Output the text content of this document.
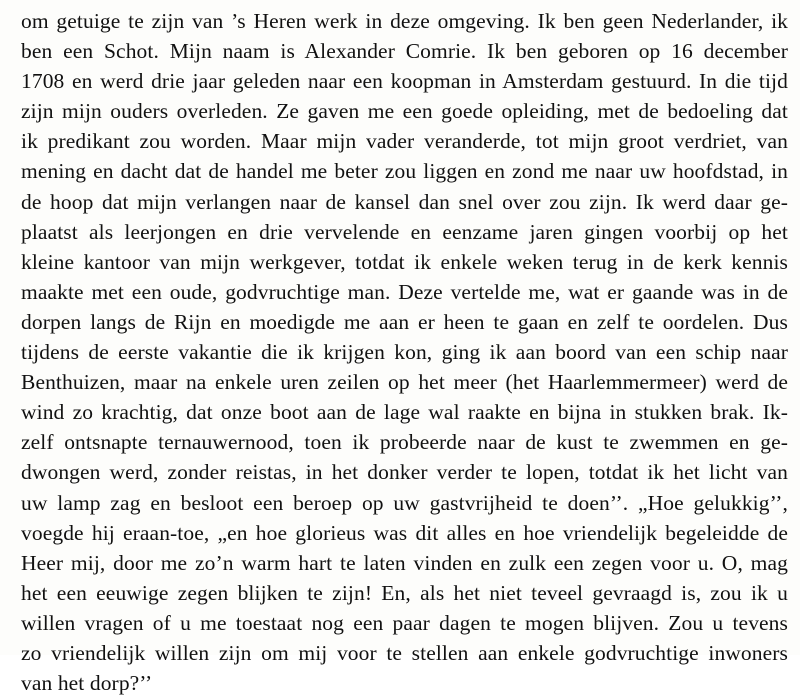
om getuige te zijn van ’s Heren werk in deze omgeving. Ik ben geen Nederlander, ik
ben een Schot. Mijn naam is Alexander Comrie. Ik ben geboren op 16 december
1708 en werd drie jaar geleden naar een koopman in Amsterdam gestuurd. In die tijd
zijn mijn ouders overleden. Ze gaven me een goede opleiding, met de bedoeling dat
ik predikant zou worden. Maar mijn vader veranderde, tot mijn groot verdriet, van
mening en dacht dat de handel me beter zou liggen en zond me naar uw hoofdstad, in
de hoop dat mijn verlangen naar de kansel dan snel over zou zijn. Ik werd daar ge-
plaatst als leerjongen en drie vervelende en eenzame jaren gingen voorbij op het
kleine kantoor van mijn werkgever, totdat ik enkele weken terug in de kerk kennis
maakte met een oude, godvruchtige man. Deze vertelde me, wat er gaande was in de
dorpen langs de Rijn en moedigde me aan er heen te gaan en zelf te oordelen. Dus
tijdens de eerste vakantie die ik krijgen kon, ging ik aan boord van een schip naar
Benthuizen, maar na enkele uren zeilen op het meer (het Haarlemmermeer) werd de
wind zo krachtig, dat onze boot aan de lage wal raakte en bijna in stukken brak. Ik-
zelf ontsnapte ternauwernood, toen ik probeerde naar de kust te zwemmen en ge-
dwongen werd, zonder reistas, in het donker verder te lopen, totdat ik het licht van
uw lamp zag en besloot een beroep op uw gastvrijheid te doen’’. „Hoe gelukkig’’,
voegde hij eraan-toe, „en hoe glorieus was dit alles en hoe vriendelijk begeleidde de
Heer mij, door me zo’n warm hart te laten vinden en zulk een zegen voor u. O, mag
het een eeuwige zegen blijken te zijn! En, als het niet teveel gevraagd is, zou ik u
willen vragen of u me toestaat nog een paar dagen te mogen blijven. Zou u tevens
zo vriendelijk willen zijn om mij voor te stellen aan enkele godvruchtige inwoners
van het dorp?’’
